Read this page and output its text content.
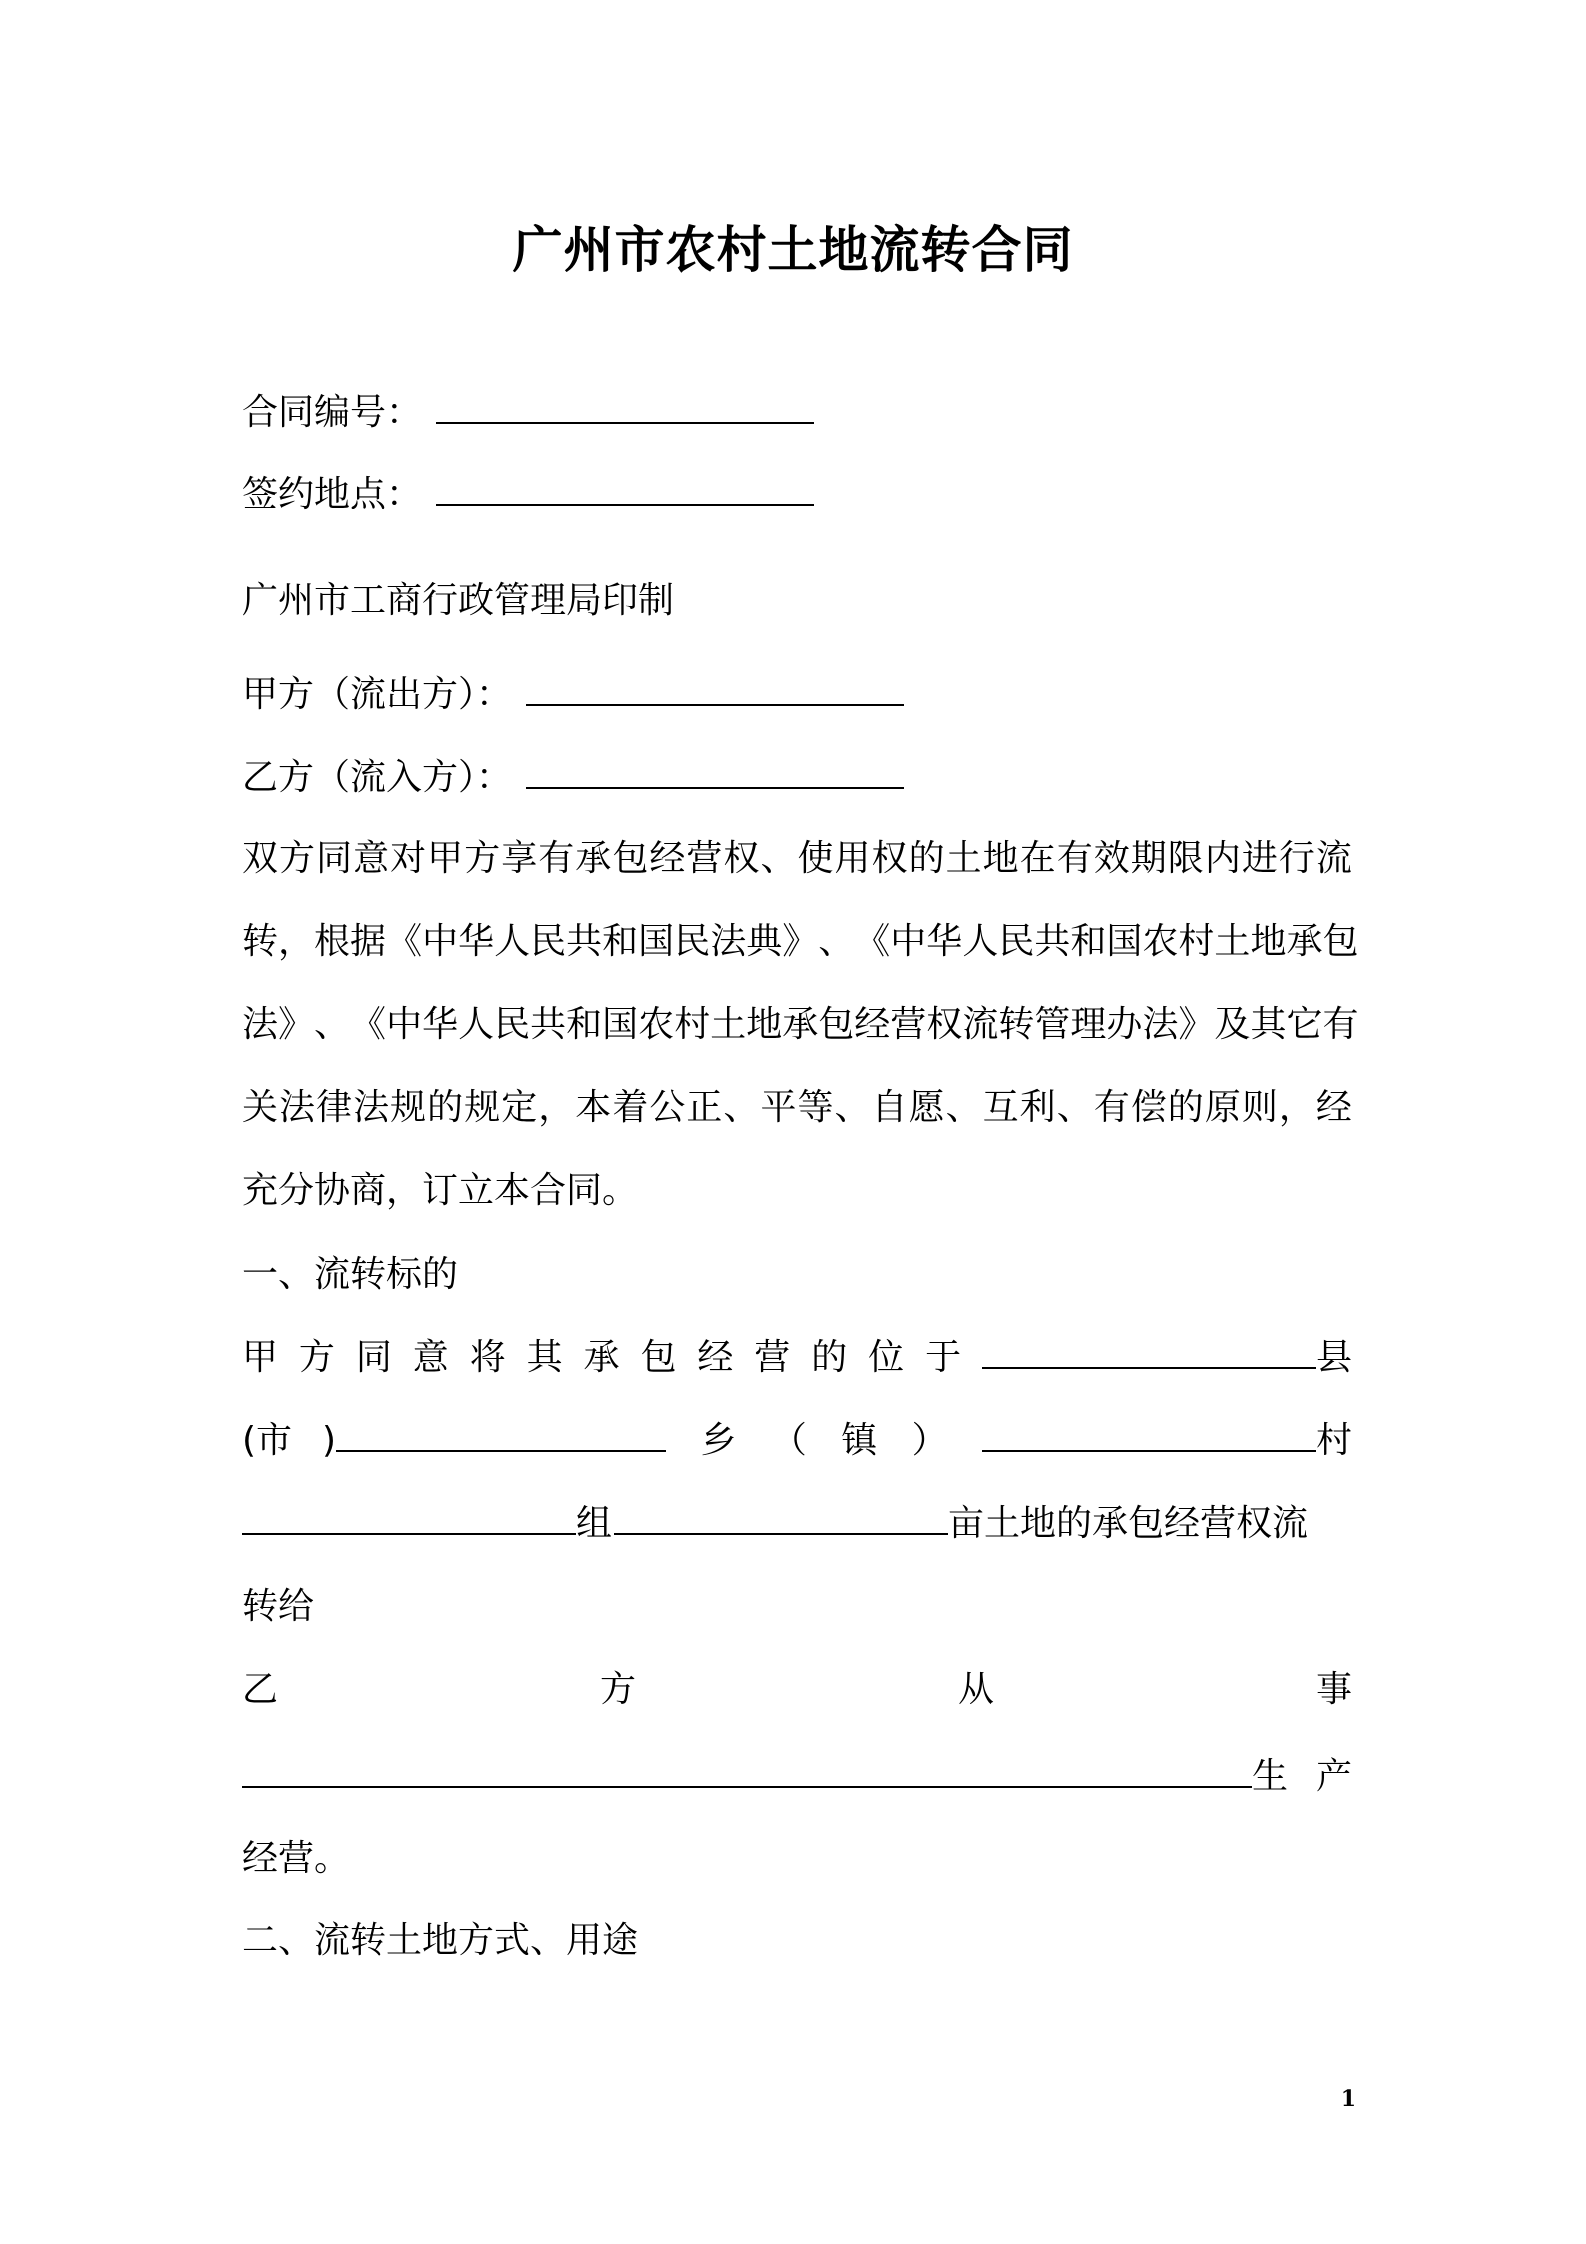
广州市农村土地流转合同
合同编号：
签约地点：
广州市工商行政管理局印制
甲方（流出方）：
乙方（流入方）：
双 方 同 意 对 甲 方 享 有 承 包 经 营 权 、 使 用 权 的 土 地 在 有 效 期 限 内 进 行 流
转 ， 根 据 《 中 华 人 民 共 和 国 民 法 典 》 、 《 中 华 人 民 共 和 国 农 村 土 地 承 包
法 》 、 《 中 华 人 民 共 和 国 农 村 土 地 承 包 经 营 权 流 转 管 理 办 法 》 及 其 它 有
关 法 律 法 规 的 规 定 ， 本 着 公 正 、 平 等 、 自 愿 、 互 利 、 有 偿 的 原 则 ， 经
充分协商，订立本合同。
一、流转标的
甲 方 同 意 将 其 承 包 经 营 的 位 于	县
(市 )	乡 （ 镇 ）	村
组	亩土地的承包经营权流
转给
乙	方	从	事
生 产
经营。
二、流转土地方式、用途
1
